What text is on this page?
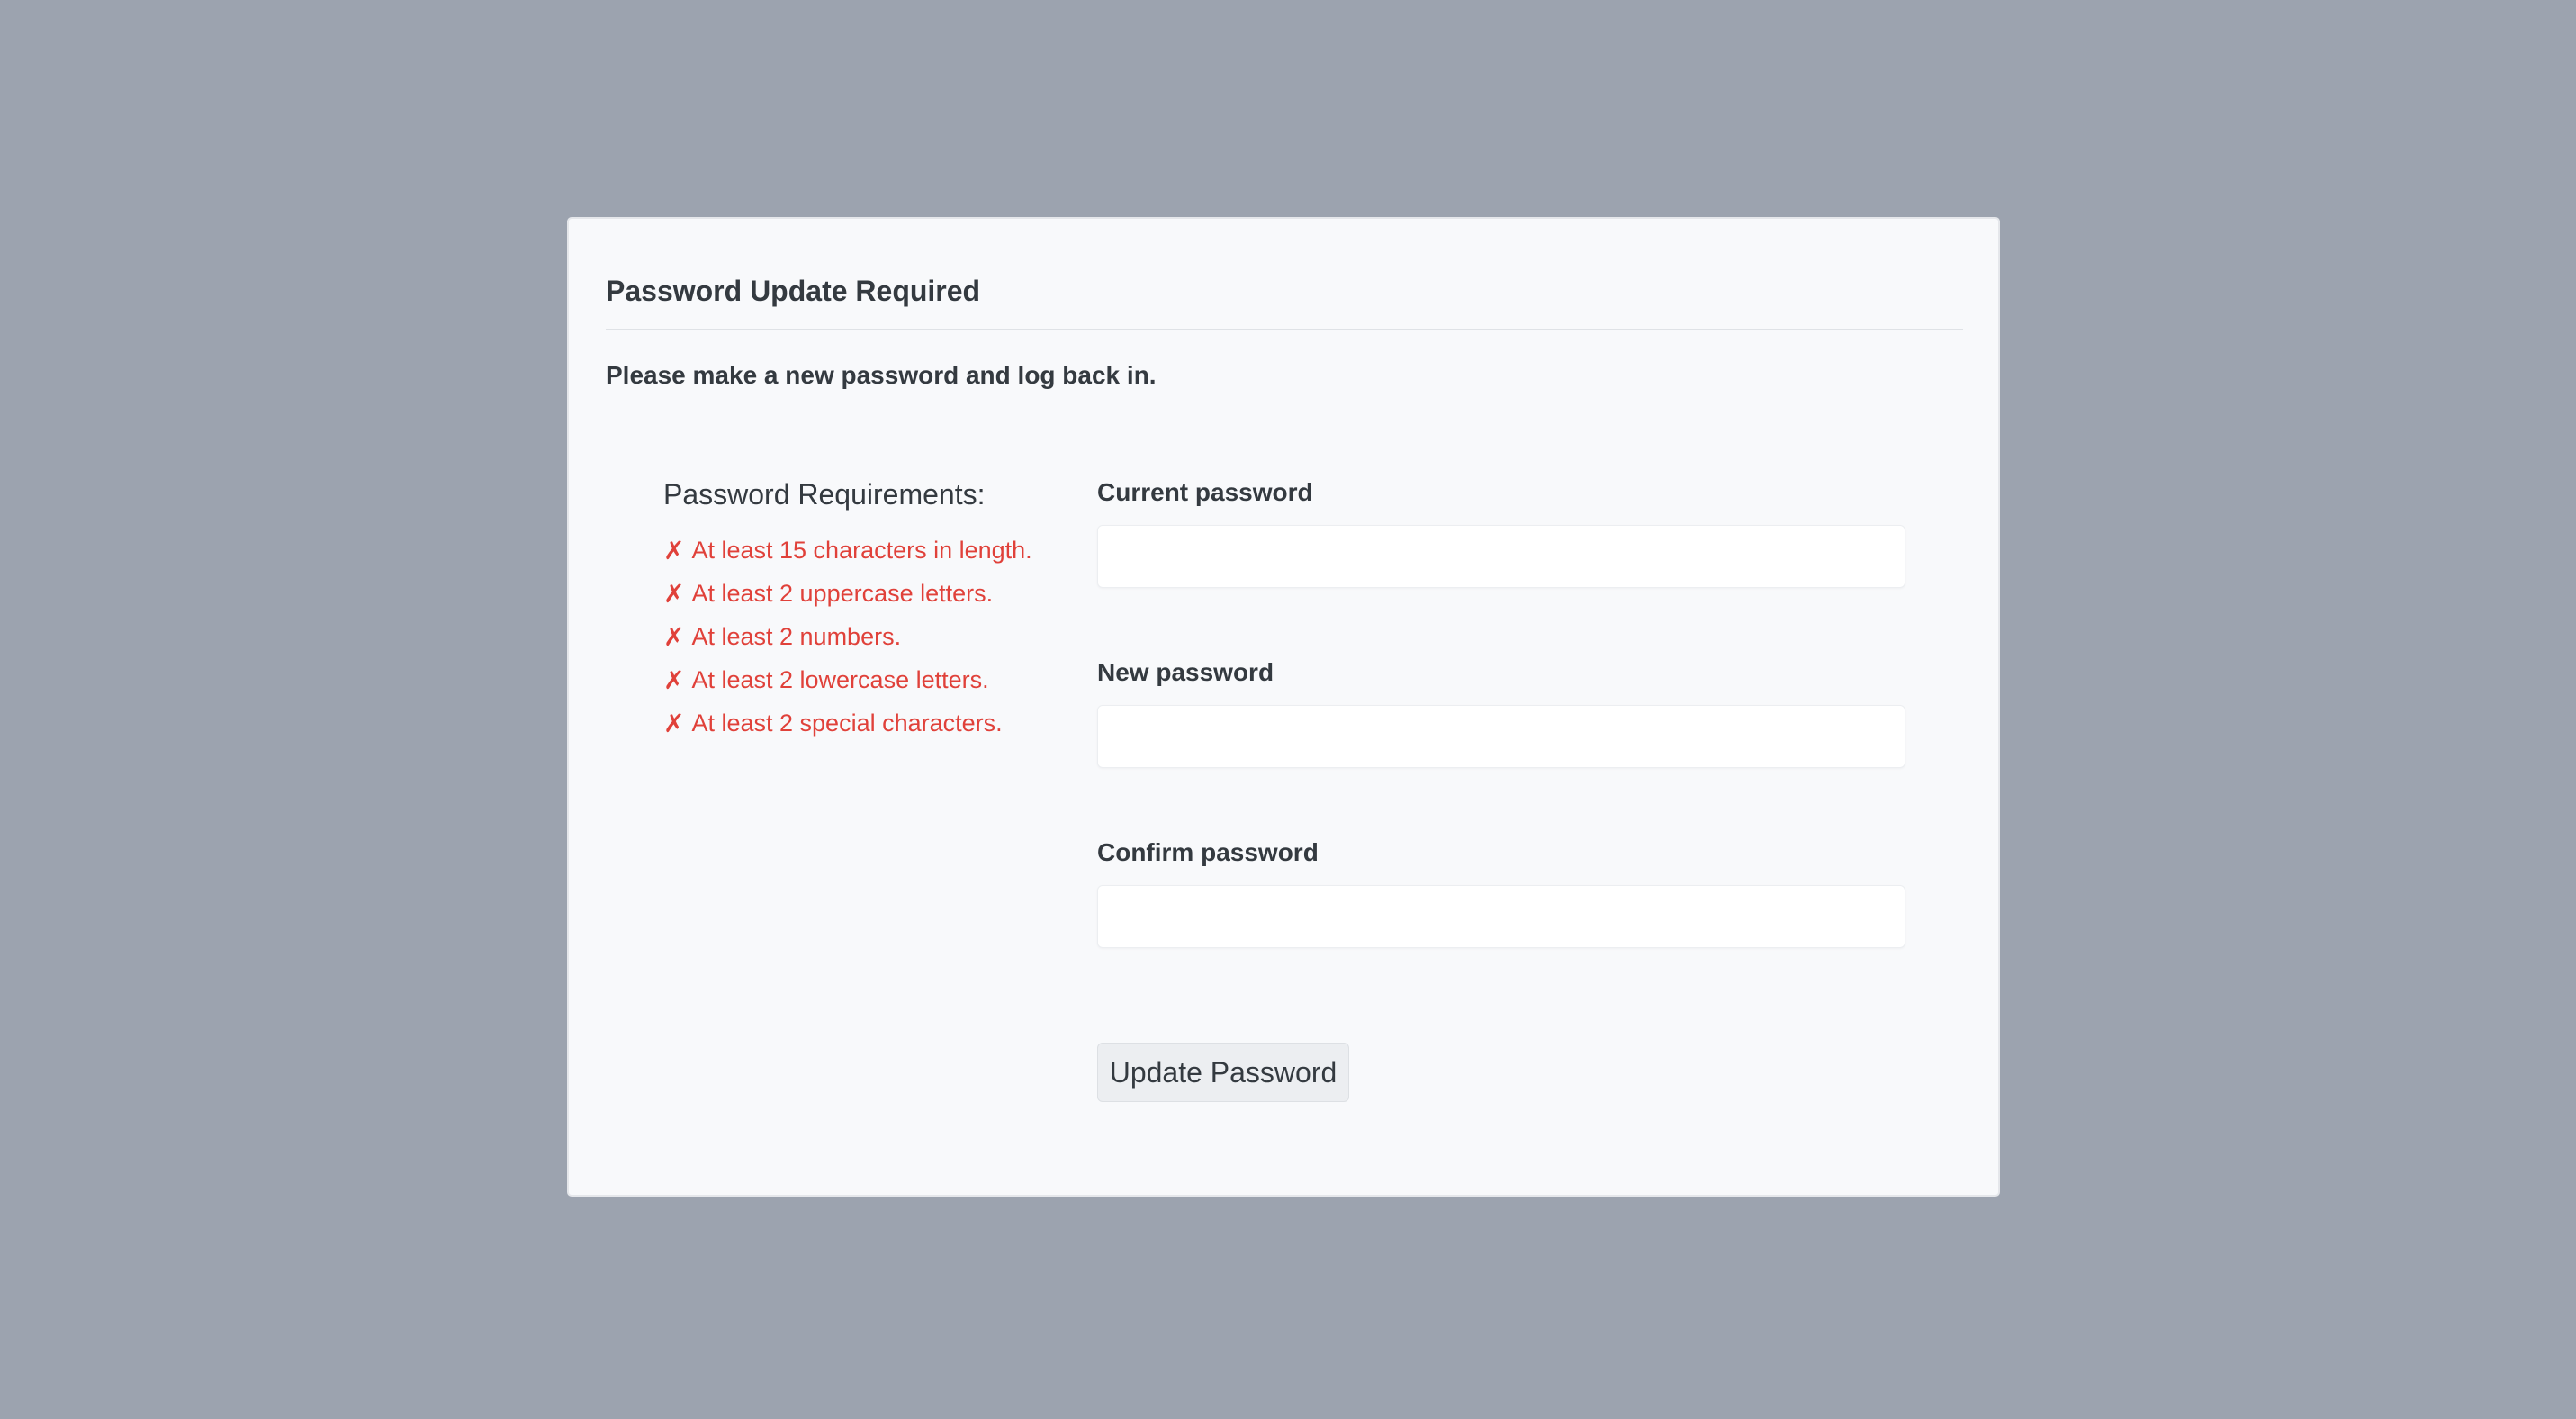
Password Update Required
Please make a new password and log back in.
Password Requirements:
✗ At least 15 characters in length.
✗ At least 2 uppercase letters.
✗ At least 2 numbers.
✗ At least 2 lowercase letters.
✗ At least 2 special characters.
Current password
New password
Confirm password
Update Password
